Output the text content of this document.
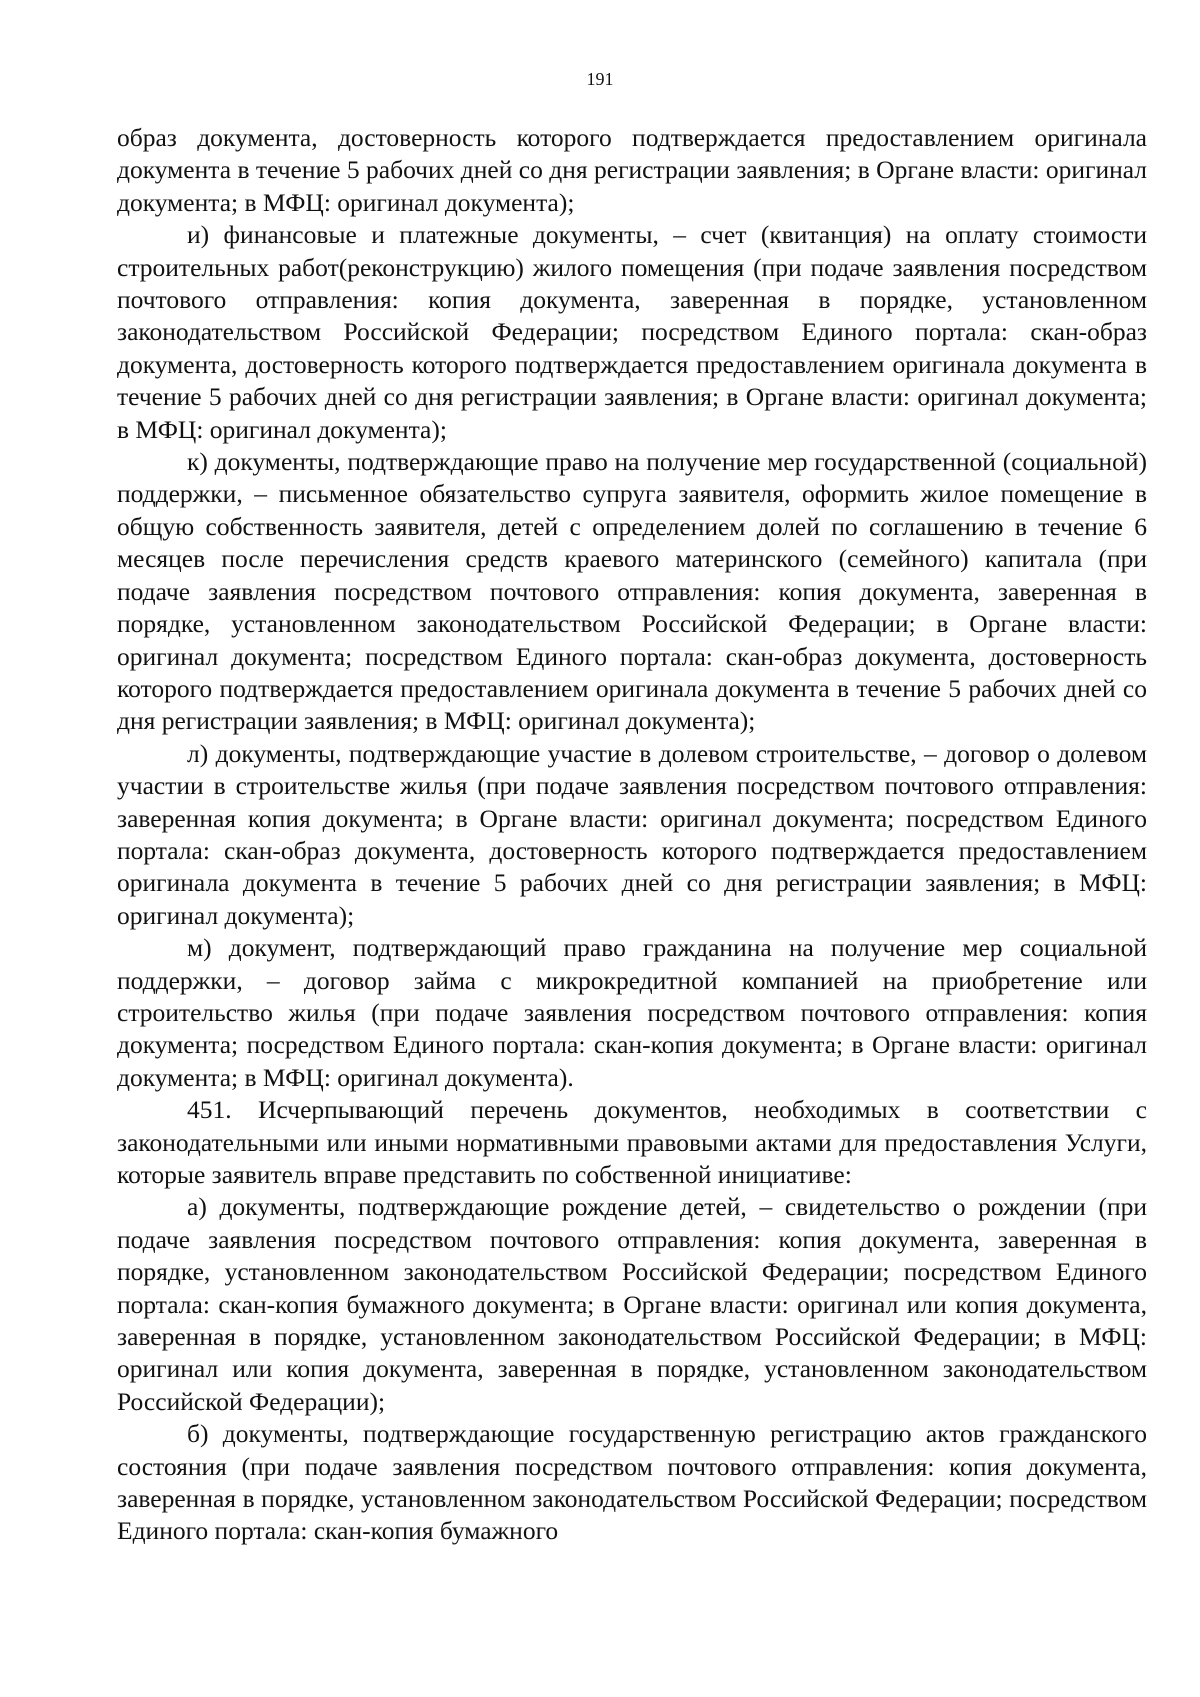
191

образ документа, достоверность которого подтверждается предоставлением оригинала документа в течение 5 рабочих дней со дня регистрации заявления; в Органе власти: оригинал документа; в МФЦ: оригинал документа);

и) финансовые и платежные документы, – счет (квитанция) на оплату стоимости строительных работ(реконструкцию) жилого помещения (при подаче заявления посредством почтового отправления: копия документа, заверенная в порядке, установленном законодательством Российской Федерации; посредством Единого портала: скан-образ документа, достоверность которого подтверждается предоставлением оригинала документа в течение 5 рабочих дней со дня регистрации заявления; в Органе власти: оригинал документа; в МФЦ: оригинал документа);

к) документы, подтверждающие право на получение мер государственной (социальной) поддержки, – письменное обязательство супруга заявителя, оформить жилое помещение в общую собственность заявителя, детей с определением долей по соглашению в течение 6 месяцев после перечисления средств краевого материнского (семейного) капитала (при подаче заявления посредством почтового отправления: копия документа, заверенная в порядке, установленном законодательством Российской Федерации; в Органе власти: оригинал документа; посредством Единого портала: скан-образ документа, достоверность которого подтверждается предоставлением оригинала документа в течение 5 рабочих дней со дня регистрации заявления; в МФЦ: оригинал документа);

л) документы, подтверждающие участие в долевом строительстве, – договор о долевом участии в строительстве жилья (при подаче заявления посредством почтового отправления: заверенная копия документа; в Органе власти: оригинал документа; посредством Единого портала: скан-образ документа, достоверность которого подтверждается предоставлением оригинала документа в течение 5 рабочих дней со дня регистрации заявления; в МФЦ: оригинал документа);

м) документ, подтверждающий право гражданина на получение мер социальной поддержки, – договор займа с микрокредитной компанией на приобретение или строительство жилья (при подаче заявления посредством почтового отправления: копия документа; посредством Единого портала: скан-копия документа; в Органе власти: оригинал документа; в МФЦ: оригинал документа).

451. Исчерпывающий перечень документов, необходимых в соответствии с законодательными или иными нормативными правовыми актами для предоставления Услуги, которые заявитель вправе представить по собственной инициативе:

а) документы, подтверждающие рождение детей, – свидетельство о рождении (при подаче заявления посредством почтового отправления: копия документа, заверенная в порядке, установленном законодательством Российской Федерации; посредством Единого портала: скан-копия бумажного документа; в Органе власти: оригинал или копия документа, заверенная в порядке, установленном законодательством Российской Федерации; в МФЦ: оригинал или копия документа, заверенная в порядке, установленном законодательством Российской Федерации);

б) документы, подтверждающие государственную регистрацию актов гражданского состояния (при подаче заявления посредством почтового отправления: копия документа, заверенная в порядке, установленном законодательством Российской Федерации; посредством Единого портала: скан-копия бумажного
